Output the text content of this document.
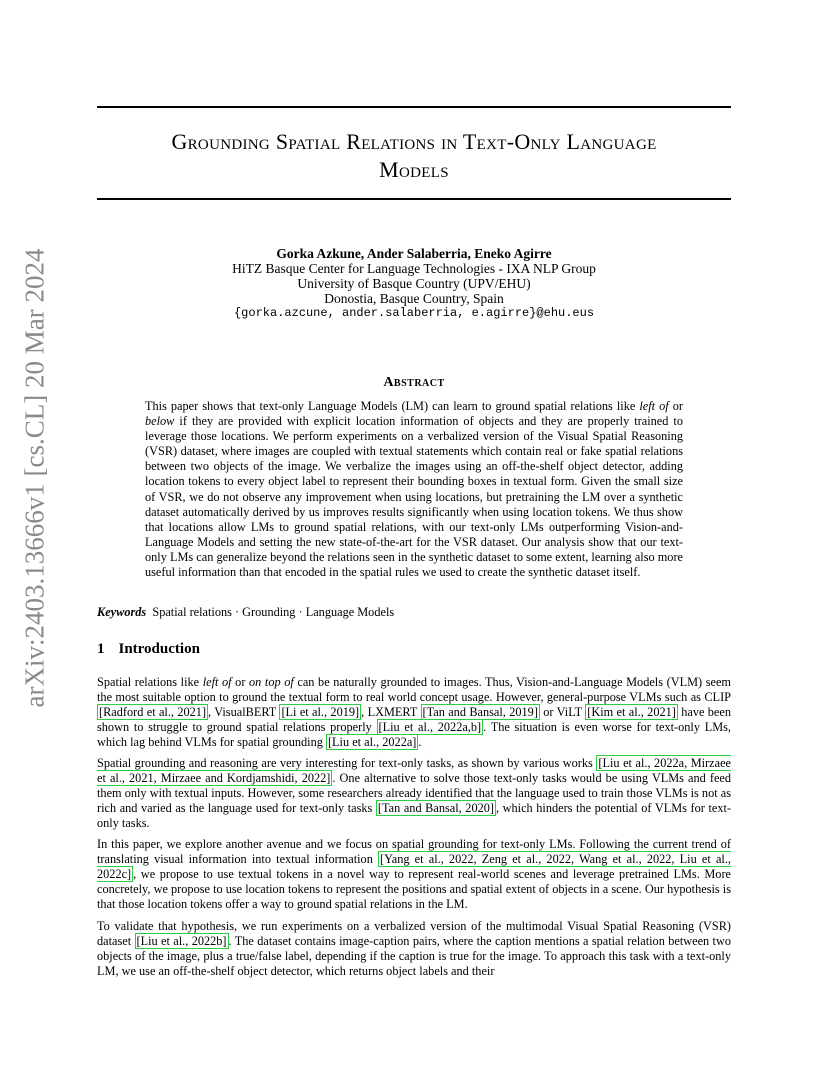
arXiv:2403.13666v1 [cs.CL] 20 Mar 2024
Grounding Spatial Relations in Text-Only Language
Models
Gorka Azkune, Ander Salaberria, Eneko Agirre
HiTZ Basque Center for Language Technologies - IXA NLP Group
University of Basque Country (UPV/EHU)
Donostia, Basque Country, Spain
{gorka.azcune, ander.salaberria, e.agirre}@ehu.eus
Abstract
This paper shows that text-only Language Models (LM) can learn to ground spatial relations like left of or below if they are provided with explicit location information of objects and they are properly trained to leverage those locations. We perform experiments on a verbalized version of the Visual Spatial Reasoning (VSR) dataset, where images are coupled with textual statements which contain real or fake spatial relations between two objects of the image. We verbalize the images using an off-the-shelf object detector, adding location tokens to every object label to represent their bounding boxes in textual form. Given the small size of VSR, we do not observe any improvement when using locations, but pretraining the LM over a synthetic dataset automatically derived by us improves results significantly when using location tokens. We thus show that locations allow LMs to ground spatial relations, with our text-only LMs outperforming Vision-and-Language Models and setting the new state-of-the-art for the VSR dataset. Our analysis show that our text-only LMs can generalize beyond the relations seen in the synthetic dataset to some extent, learning also more useful information than that encoded in the spatial rules we used to create the synthetic dataset itself.
Keywords Spatial relations · Grounding · Language Models
1 Introduction
Spatial relations like left of or on top of can be naturally grounded to images. Thus, Vision-and-Language Models (VLM) seem the most suitable option to ground the textual form to real world concept usage. However, general-purpose VLMs such as CLIP [Radford et al., 2021] , VisualBERT [Li et al., 2019] , LXMERT [Tan and Bansal, 2019] or ViLT [Kim et al., 2021] have been shown to struggle to ground spatial relations properly [Liu et al., 2022a,b] . The situation is even worse for text-only LMs, which lag behind VLMs for spatial grounding [Liu et al., 2022a] .
Spatial grounding and reasoning are very interesting for text-only tasks, as shown by various works [Liu et al., 2022a, Mirzaee et al., 2021, Mirzaee and Kordjamshidi, 2022] . One alternative to solve those text-only tasks would be using VLMs and feed them only with textual inputs. However, some researchers already identified that the language used to train those VLMs is not as rich and varied as the language used for text-only tasks [Tan and Bansal, 2020] , which hinders the potential of VLMs for text-only tasks.
In this paper, we explore another avenue and we focus on spatial grounding for text-only LMs. Following the current trend of translating visual information into textual information [Yang et al., 2022, Zeng et al., 2022, Wang et al., 2022, Liu et al., 2022c] , we propose to use textual tokens in a novel way to represent real-world scenes and leverage pretrained LMs. More concretely, we propose to use location tokens to represent the positions and spatial extent of objects in a scene. Our hypothesis is that those location tokens offer a way to ground spatial relations in the LM.
To validate that hypothesis, we run experiments on a verbalized version of the multimodal Visual Spatial Reasoning (VSR) dataset [Liu et al., 2022b] . The dataset contains image-caption pairs, where the caption mentions a spatial relation between two objects of the image, plus a true/false label, depending if the caption is true for the image. To approach this task with a text-only LM, we use an off-the-shelf object detector, which returns object labels and their
